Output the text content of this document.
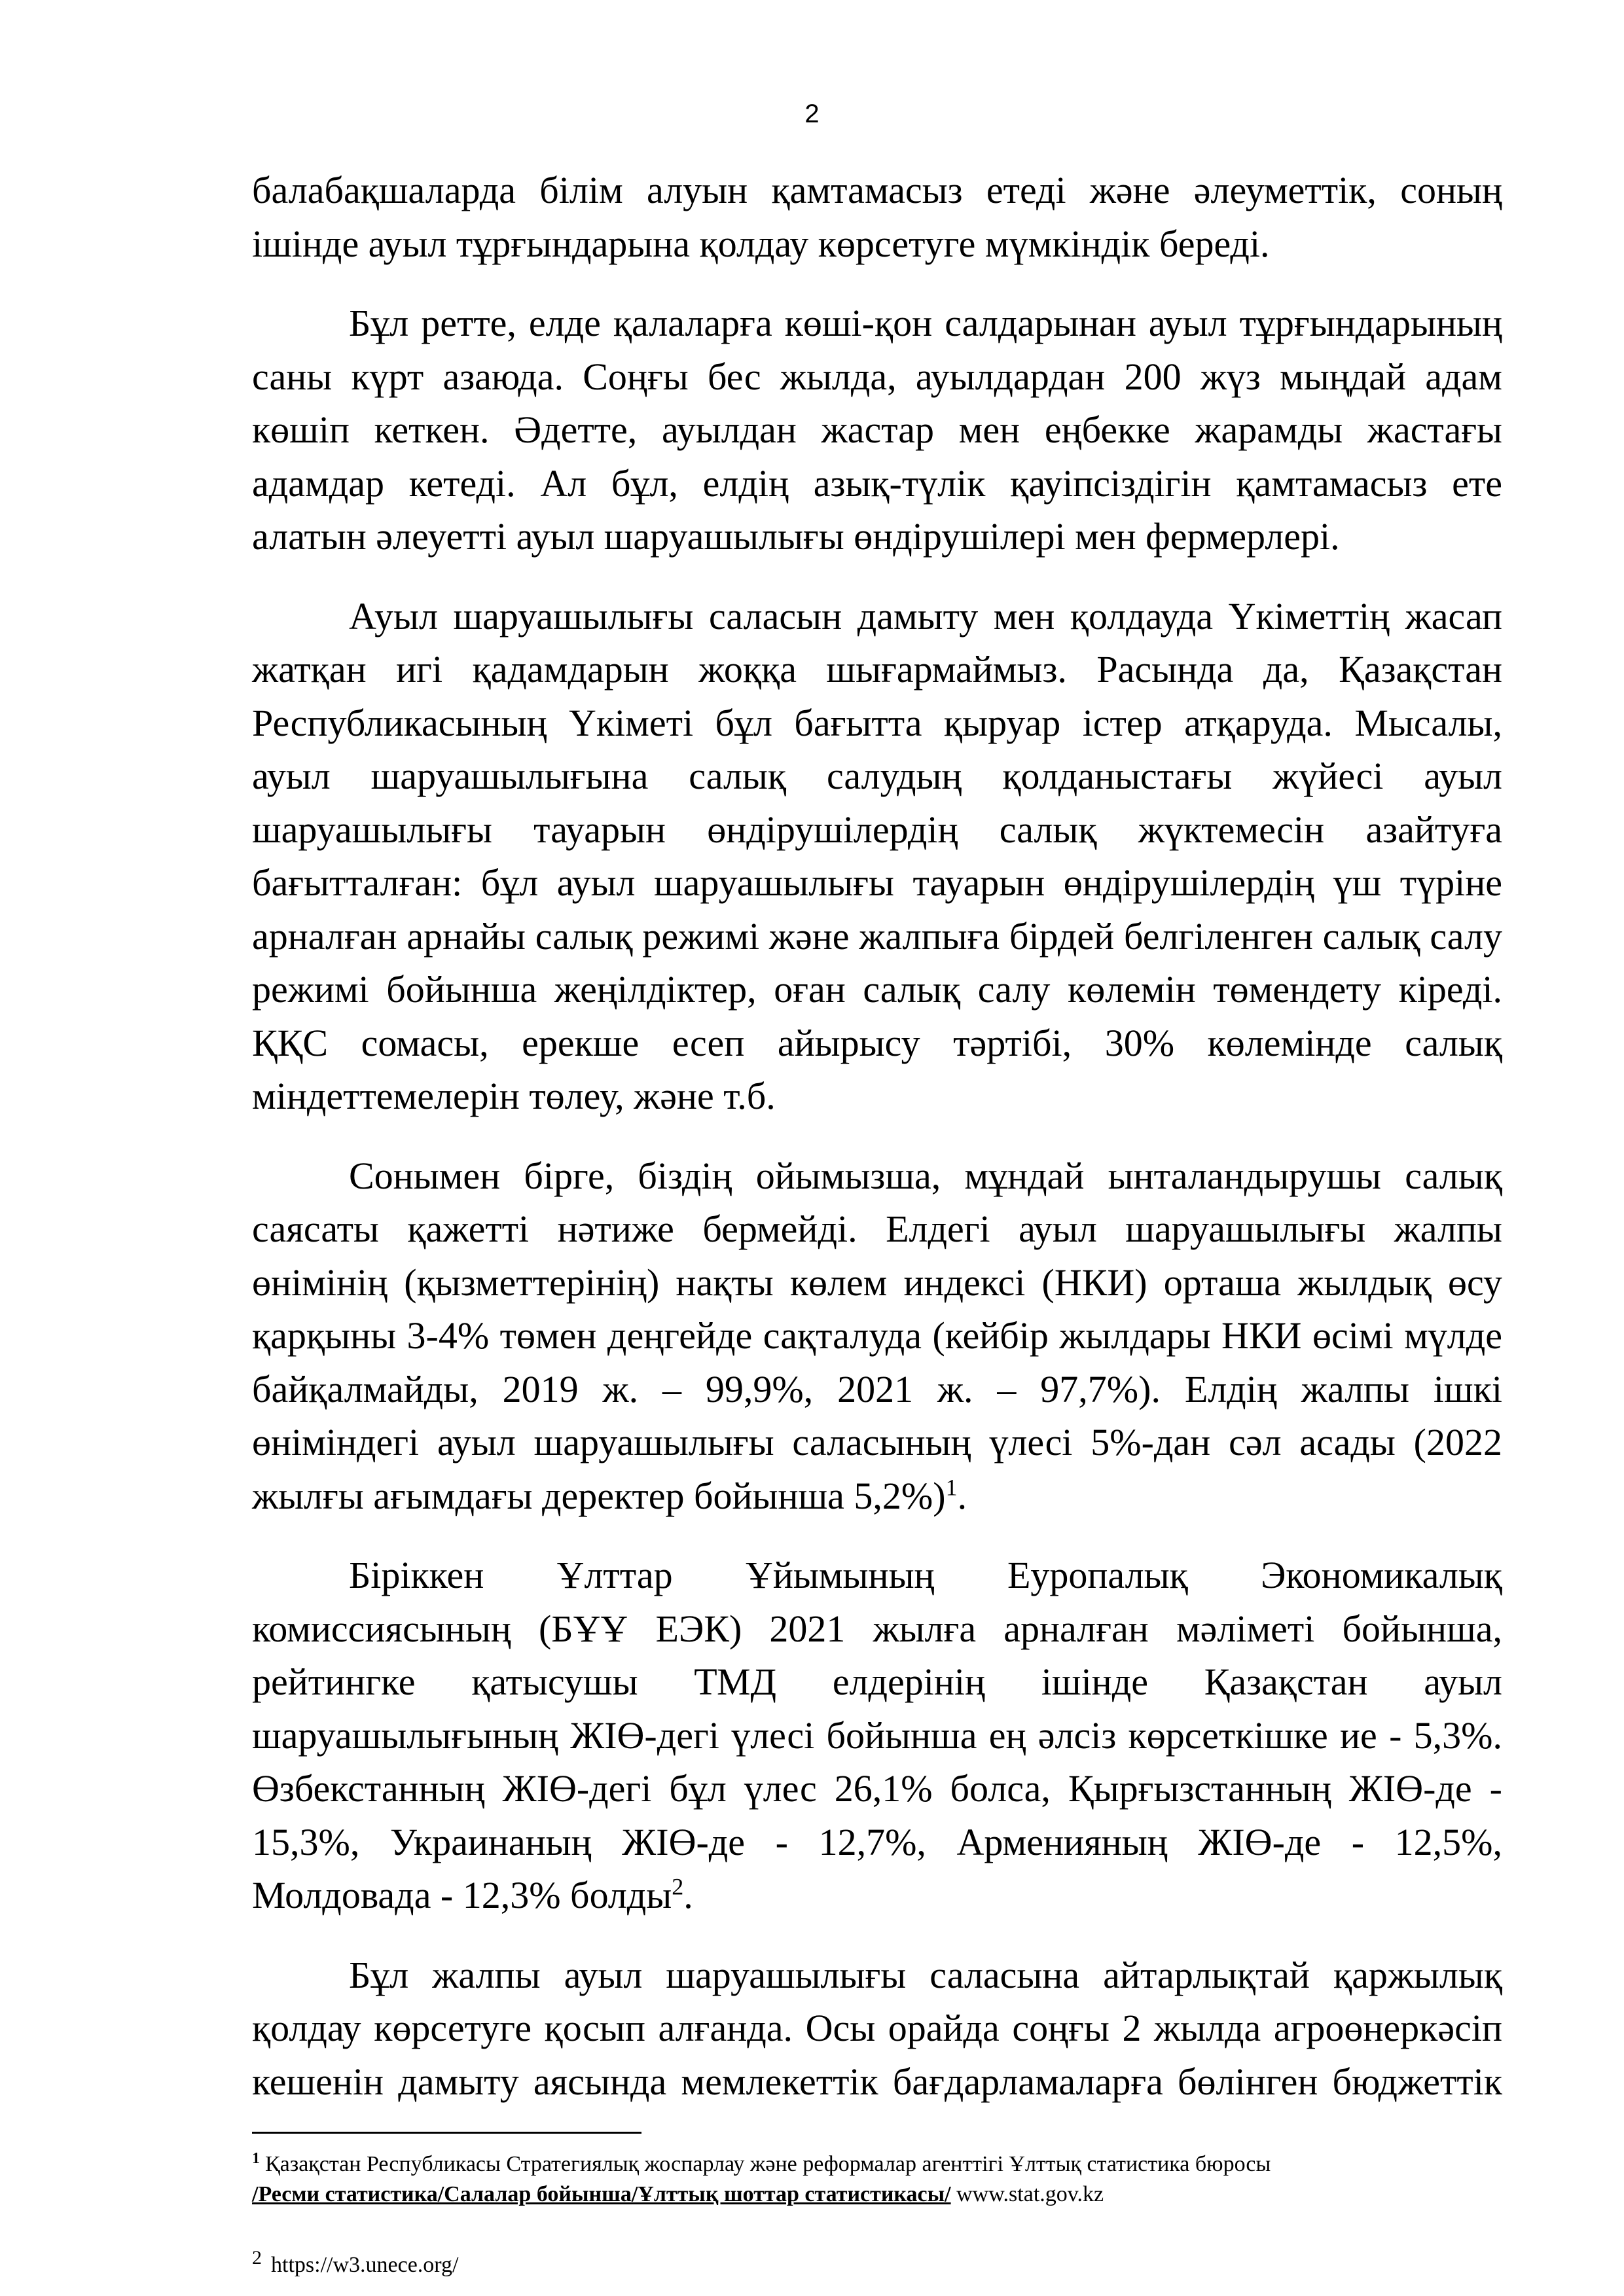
2

балабақшаларда білім алуын қамтамасыз етеді және әлеуметтік, соның ішінде ауыл тұрғындарына қолдау көрсетуге мүмкіндік береді.

Бұл ретте, елде қалаларға көші-қон салдарынан ауыл тұрғындарының саны күрт азаюда. Соңғы бес жылда, ауылдардан 200 жүз мыңдай адам көшіп кеткен. Әдетте, ауылдан жастар мен еңбекке жарамды жастағы адамдар кетеді. Ал бұл, елдің азық-түлік қауіпсіздігін қамтамасыз ете алатын әлеуетті ауыл шаруашылығы өндірушілері мен фермерлері.

Ауыл шаруашылығы саласын дамыту мен қолдауда Үкіметтің жасап жатқан игі қадамдарын жоққа шығармаймыз. Расында да, Қазақстан Республикасының Үкіметі бұл бағытта қыруар істер атқаруда. Мысалы, ауыл шаруашылығына салық салудың қолданыстағы жүйесі ауыл шаруашылығы тауарын өндірушілердің салық жүктемесін азайтуға бағытталған: бұл ауыл шаруашылығы тауарын өндірушілердің үш түріне арналған арнайы салық режимі және жалпыға бірдей белгіленген салық салу режимі бойынша жеңілдіктер, оған салық салу көлемін төмендету кіреді. ҚҚС сомасы, ерекше есеп айырысу тәртібі, 30% көлемінде салық міндеттемелерін төлеу, және т.б.

Сонымен бірге, біздің ойымызша, мұндай ынталандырушы салық саясаты қажетті нәтиже бермейді. Елдегі ауыл шаруашылығы жалпы өнімінің (қызметтерінің) нақты көлем индексі (НКИ) орташа жылдық өсу қарқыны 3-4% төмен деңгейде сақталуда (кейбір жылдары НКИ өсімі мүлде байқалмайды, 2019 ж. – 99,9%, 2021 ж. – 97,7%). Елдің жалпы ішкі өніміндегі ауыл шаруашылығы саласының үлесі 5%-дан сәл асады (2022 жылғы ағымдағы деректер бойынша 5,2%)$^1$.

Біріккен Ұлттар Ұйымының Еуропалық Экономикалық комиссиясының (БҰҰ ЕЭК) 2021 жылға арналған мәліметі бойынша, рейтингке қатысушы ТМД елдерінің ішінде Қазақстан ауыл шаруашылығының ЖІӨ-дегі үлесі бойынша ең әлсіз көрсеткішке ие - 5,3%. Өзбекстанның ЖІӨ-дегі бұл үлес 26,1% болса, Қырғызстанның ЖІӨ-де - 15,3%, Украинаның ЖІӨ-де - 12,7%, Арменияның ЖІӨ-де - 12,5%, Молдовада - 12,3% болды$^2$.

Бұл жалпы ауыл шаруашылығы саласына айтарлықтай қаржылық қолдау көрсетуге қосып алғанда. Осы орайда соңғы 2 жылда агроөнеркәсіп кешенін дамыту аясында мемлекеттік бағдарламаларға бөлінген бюджеттік

$^1$ Қазақстан Республикасы Стратегиялық жоспарлау және реформалар агенттігі Ұлттық статистика бюросы
/Ресми статистика/Салалар бойынша/Ұлттық шоттар статистикасы/ www.stat.gov.kz

2 https://w3.unece.org/
